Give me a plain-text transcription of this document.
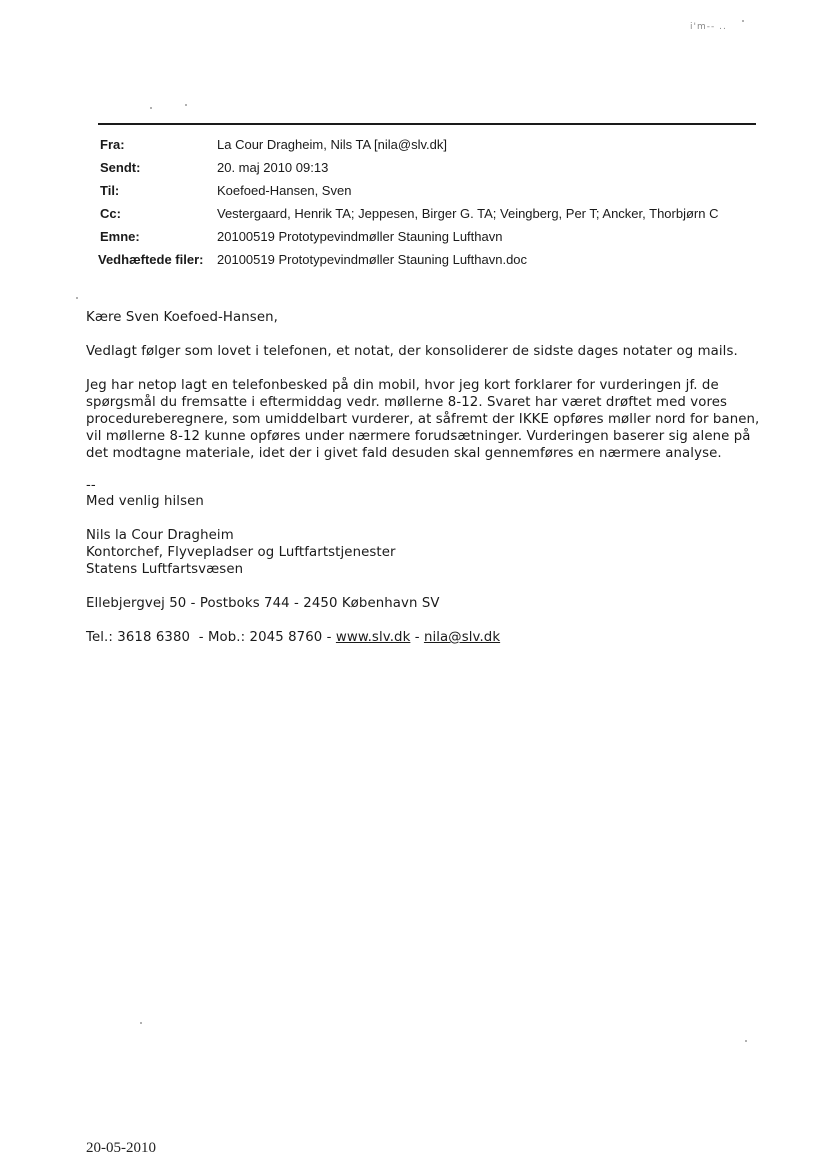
i'm-- ..
Fra:	La Cour Dragheim, Nils TA [nila@slv.dk]
Sendt:	20. maj 2010 09:13
Til:	Koefoed-Hansen, Sven
Cc:	Vestergaard, Henrik TA; Jeppesen, Birger G. TA; Veingberg, Per T; Ancker, Thorbjørn C
Emne:	20100519 Prototypevindmøller Stauning Lufthavn
Vedhæftede filer:	20100519 Prototypevindmøller Stauning Lufthavn.doc

Kære Sven Koefoed-Hansen,

Vedlagt følger som lovet i telefonen, et notat, der konsoliderer de sidste dages notater og mails.

Jeg har netop lagt en telefonbesked på din mobil, hvor jeg kort forklarer for vurderingen jf. de spørgsmål du fremsatte i eftermiddag vedr. møllerne 8-12. Svaret har været drøftet med vores procedureberegnere, som umiddelbart vurderer, at såfremt der IKKE opføres møller nord for banen, vil møllerne 8-12 kunne opføres under nærmere forudsætninger. Vurderingen baserer sig alene på det modtagne materiale, idet der i givet fald desuden skal gennemføres en nærmere analyse.

--

Med venlig hilsen

Nils la Cour Dragheim

Kontorchef, Flyvepladser og Luftfartstjenester

Statens Luftfartsvæsen

Ellebjergvej 50 - Postboks 744 - 2450 København SV

Tel.: 3618 6380  - Mob.: 2045 8760 - www.slv.dk - nila@slv.dk

20-05-2010
